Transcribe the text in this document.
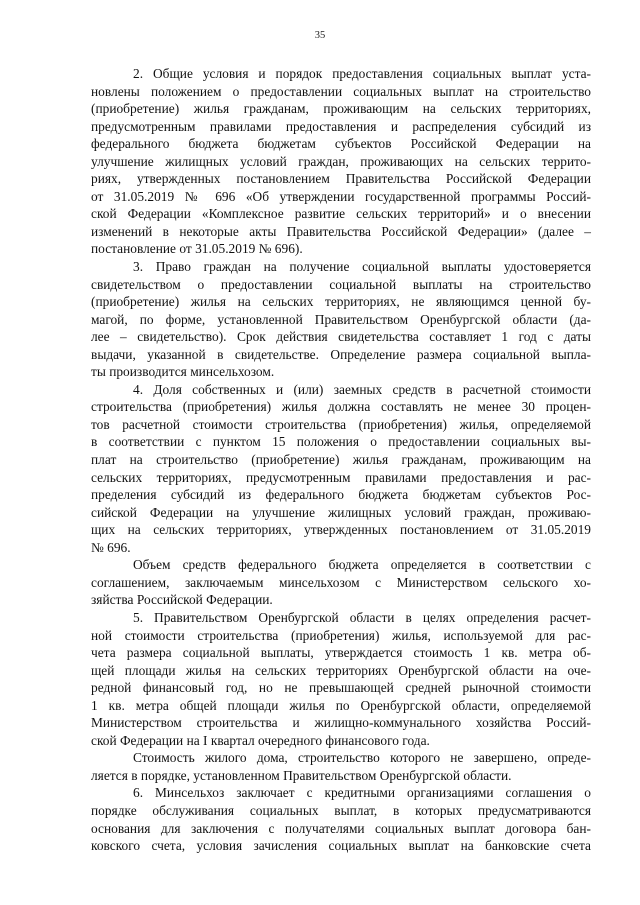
35
2. Общие условия и порядок предоставления социальных выплат уста-
новлены положением о предоставлении социальных выплат на строительство
(приобретение) жилья гражданам, проживающим на сельских территориях,
предусмотренным правилами предоставления и распределения субсидий из
федерального бюджета бюджетам субъектов Российской Федерации на
улучшение жилищных условий граждан, проживающих на сельских террито-
риях, утвержденных постановлением Правительства Российской Федерации
от 31.05.2019 № 696 «Об утверждении государственной программы Россий-
ской Федерации «Комплексное развитие сельских территорий» и о внесении
изменений в некоторые акты Правительства Российской Федерации» (далее –
постановление от 31.05.2019 № 696).
3. Право граждан на получение социальной выплаты удостоверяется
свидетельством о предоставлении социальной выплаты на строительство
(приобретение) жилья на сельских территориях, не являющимся ценной бу-
магой, по форме, установленной Правительством Оренбургской области (да-
лее – свидетельство). Срок действия свидетельства составляет 1 год с даты
выдачи, указанной в свидетельстве. Определение размера социальной выпла-
ты производится минсельхозом.
4. Доля собственных и (или) заемных средств в расчетной стоимости
строительства (приобретения) жилья должна составлять не менее 30 процен-
тов расчетной стоимости строительства (приобретения) жилья, определяемой
в соответствии с пунктом 15 положения о предоставлении социальных вы-
плат на строительство (приобретение) жилья гражданам, проживающим на
сельских территориях, предусмотренным правилами предоставления и рас-
пределения субсидий из федерального бюджета бюджетам субъектов Рос-
сийской Федерации на улучшение жилищных условий граждан, проживаю-
щих на сельских территориях, утвержденных постановлением от 31.05.2019
№ 696.
Объем средств федерального бюджета определяется в соответствии с
соглашением, заключаемым минсельхозом с Министерством сельского хо-
зяйства Российской Федерации.
5. Правительством Оренбургской области в целях определения расчет-
ной стоимости строительства (приобретения) жилья, используемой для рас-
чета размера социальной выплаты, утверждается стоимость 1 кв. метра об-
щей площади жилья на сельских территориях Оренбургской области на оче-
редной финансовый год, но не превышающей средней рыночной стоимости
1 кв. метра общей площади жилья по Оренбургской области, определяемой
Министерством строительства и жилищно-коммунального хозяйства Россий-
ской Федерации на I квартал очередного финансового года.
Стоимость жилого дома, строительство которого не завершено, опреде-
ляется в порядке, установленном Правительством Оренбургской области.
6. Минсельхоз заключает с кредитными организациями соглашения о
порядке обслуживания социальных выплат, в которых предусматриваются
основания для заключения с получателями социальных выплат договора бан-
ковского счета, условия зачисления социальных выплат на банковские счета
